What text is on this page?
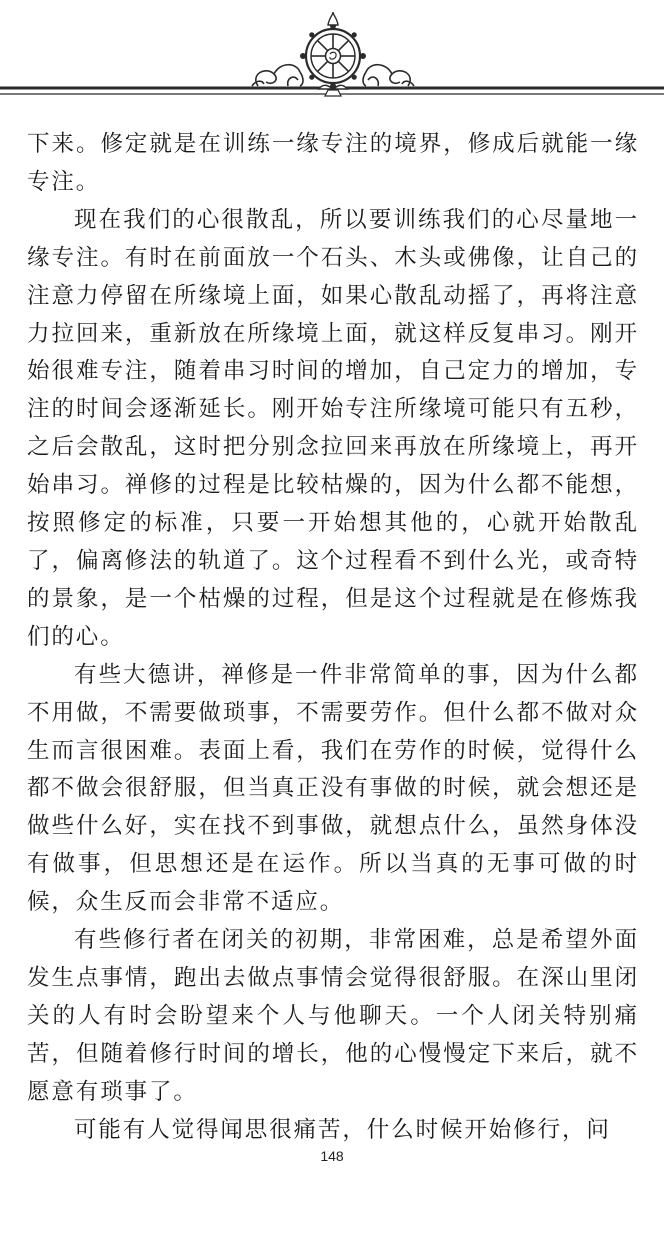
下来。修定就是在训练一缘专注的境界，修成后就能一缘专注。

现在我们的心很散乱，所以要训练我们的心尽量地一缘专注。有时在前面放一个石头、木头或佛像，让自己的注意力停留在所缘境上面，如果心散乱动摇了，再将注意力拉回来，重新放在所缘境上面，就这样反复串习。刚开始很难专注，随着串习时间的增加，自己定力的增加，专注的时间会逐渐延长。刚开始专注所缘境可能只有五秒，之后会散乱，这时把分别念拉回来再放在所缘境上，再开始串习。禅修的过程是比较枯燥的，因为什么都不能想，按照修定的标准，只要一开始想其他的，心就开始散乱了，偏离修法的轨道了。这个过程看不到什么光，或奇特的景象，是一个枯燥的过程，但是这个过程就是在修炼我们的心。

有些大德讲，禅修是一件非常简单的事，因为什么都不用做，不需要做琐事，不需要劳作。但什么都不做对众生而言很困难。表面上看，我们在劳作的时候，觉得什么都不做会很舒服，但当真正没有事做的时候，就会想还是做些什么好，实在找不到事做，就想点什么，虽然身体没有做事，但思想还是在运作。所以当真的无事可做的时候，众生反而会非常不适应。

有些修行者在闭关的初期，非常困难，总是希望外面发生点事情，跑出去做点事情会觉得很舒服。在深山里闭关的人有时会盼望来个人与他聊天。一个人闭关特别痛苦，但随着修行时间的增长，他的心慢慢定下来后，就不愿意有琐事了。

可能有人觉得闻思很痛苦，什么时候开始修行，问

148
